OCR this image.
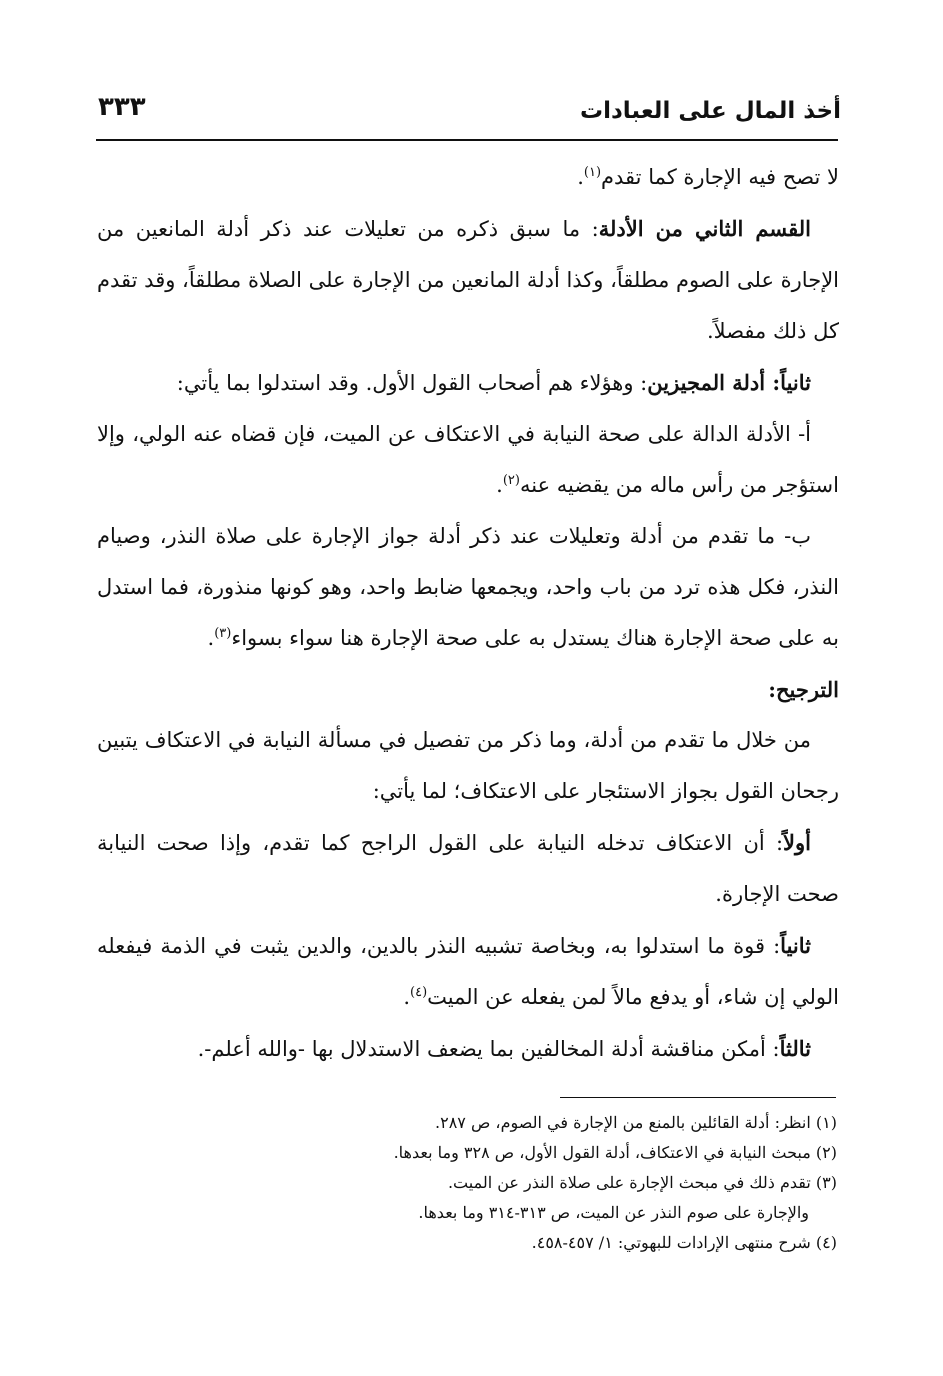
أخذ المال على العبادات
٣٣٣

لا تصح فيه الإجارة كما تقدم$^{(١)}$.

القسم الثاني من الأدلة: ما سبق ذكره من تعليلات عند ذكر أدلة المانعين من الإجارة على الصوم مطلقاً، وكذا أدلة المانعين من الإجارة على الصلاة مطلقاً، وقد تقدم كل ذلك مفصلاً.

ثانياً: أدلة المجيزين: وهؤلاء هم أصحاب القول الأول. وقد استدلوا بما يأتي:

أ- الأدلة الدالة على صحة النيابة في الاعتكاف عن الميت، فإن قضاه عنه الولي، وإلا استؤجر من رأس ماله من يقضيه عنه$^{(٢)}$.

ب- ما تقدم من أدلة وتعليلات عند ذكر أدلة جواز الإجارة على صلاة النذر، وصيام النذر، فكل هذه ترد من باب واحد، ويجمعها ضابط واحد، وهو كونها منذورة، فما استدل به على صحة الإجارة هناك يستدل به على صحة الإجارة هنا سواء بسواء$^{(٣)}$.

الترجيح:

من خلال ما تقدم من أدلة، وما ذكر من تفصيل في مسألة النيابة في الاعتكاف يتبين رجحان القول بجواز الاستئجار على الاعتكاف؛ لما يأتي:

أولاً: أن الاعتكاف تدخله النيابة على القول الراجح كما تقدم، وإذا صحت النيابة صحت الإجارة.

ثانياً: قوة ما استدلوا به، وبخاصة تشبيه النذر بالدين، والدين يثبت في الذمة فيفعله الولي إن شاء، أو يدفع مالاً لمن يفعله عن الميت$^{(٤)}$.

ثالثاً: أمكن مناقشة أدلة المخالفين بما يضعف الاستدلال بها -والله أعلم-.

(١) انظر: أدلة القائلين بالمنع من الإجارة في الصوم، ص ٢٨٧.

(٢) مبحث النيابة في الاعتكاف، أدلة القول الأول، ص ٣٢٨ وما بعدها.

(٣) تقدم ذلك في مبحث الإجارة على صلاة النذر عن الميت.

والإجارة على صوم النذر عن الميت، ص ٣١٣-٣١٤ وما بعدها.

(٤) شرح منتهى الإرادات للبهوتي: ١/ ٤٥٧-٤٥٨.
